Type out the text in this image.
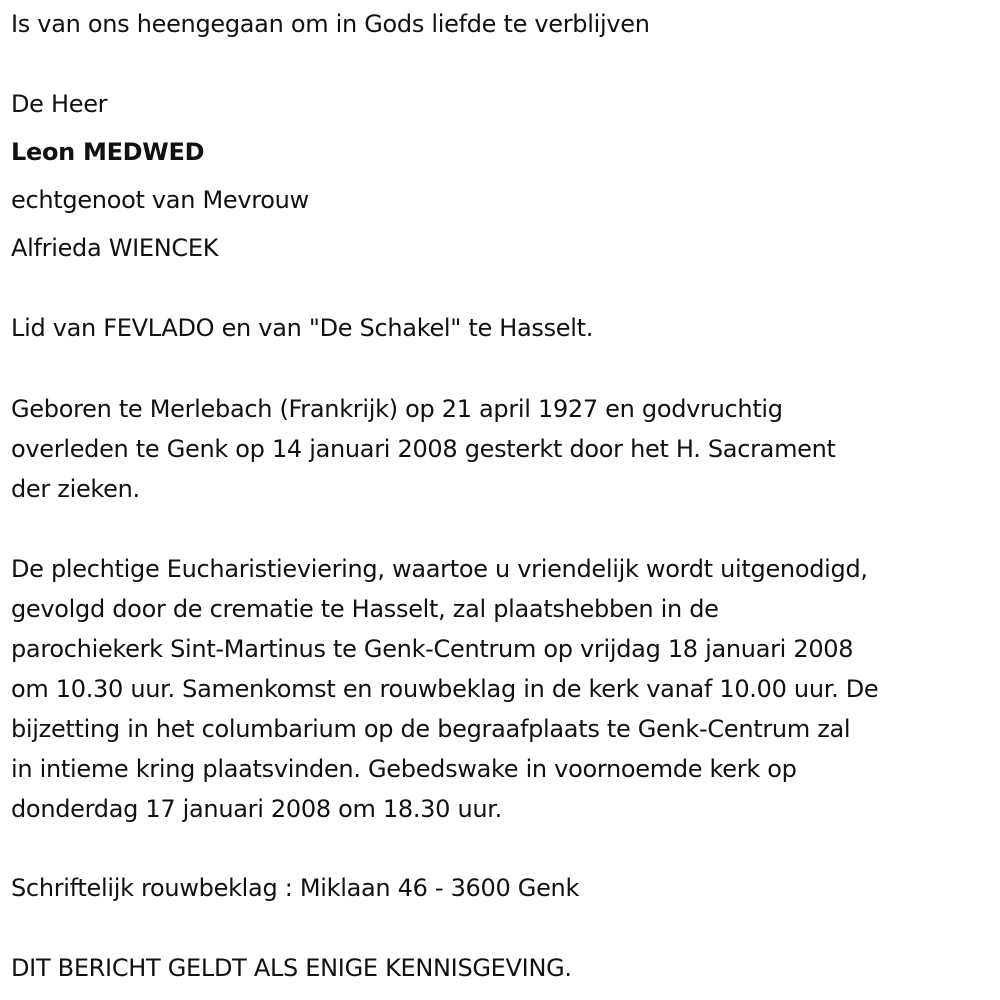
Is van ons heengegaan om in Gods liefde te verblijven
De Heer
Leon MEDWED
echtgenoot van Mevrouw
Alfrieda WIENCEK
Lid van FEVLADO en van "De Schakel" te Hasselt.
Geboren te Merlebach (Frankrijk) op 21 april 1927 en godvruchtig
overleden te Genk op 14 januari 2008 gesterkt door het H. Sacrament
der zieken.
De plechtige Eucharistieviering, waartoe u vriendelijk wordt uitgenodigd,
gevolgd door de crematie te Hasselt, zal plaatshebben in de
parochiekerk Sint-Martinus te Genk-Centrum op vrijdag 18 januari 2008
om 10.30 uur. Samenkomst en rouwbeklag in de kerk vanaf 10.00 uur. De
bijzetting in het columbarium op de begraafplaats te Genk-Centrum zal
in intieme kring plaatsvinden. Gebedswake in voornoemde kerk op
donderdag 17 januari 2008 om 18.30 uur.
Schriftelijk rouwbeklag : Miklaan 46 - 3600 Genk
DIT BERICHT GELDT ALS ENIGE KENNISGEVING.
